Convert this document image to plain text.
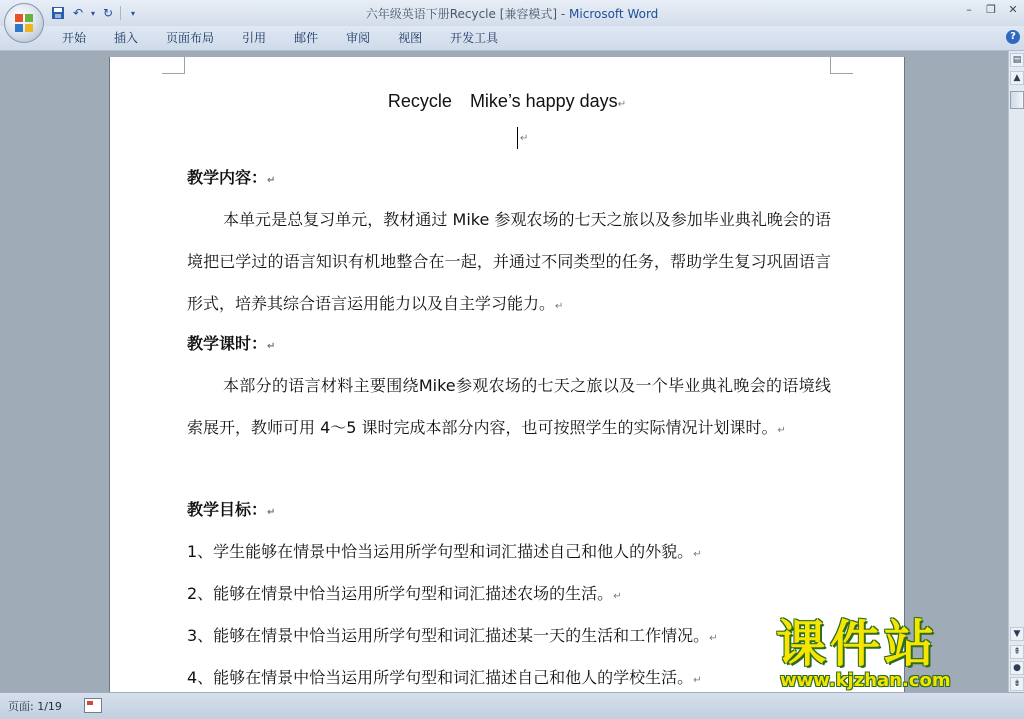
↶ ▾ ↻	▾	六年级英语下册Recycle [兼容模式] - Microsoft Word	–	❐	✕
开始	插入	页面布局	引用	邮件	审阅	视图	开发工具	?
Recycle　Mike’s happy days↵
↵
教学内容：↵
本单元是总复习单元，教材通过 Mike 参观农场的七天之旅以及参加毕业典礼晚会的语境把已学过的语言知识有机地整合在一起，并通过不同类型的任务，帮助学生复习巩固语言形式，培养其综合语言运用能力以及自主学习能力。↵
教学课时：↵
本部分的语言材料主要围绕Mike参观农场的七天之旅以及一个毕业典礼晚会的语境线索展开，教师可用 4～5 课时完成本部分内容，也可按照学生的实际情况计划课时。↵
教学目标：↵
1、学生能够在情景中恰当运用所学句型和词汇描述自己和他人的外貌。↵
2、能够在情景中恰当运用所学句型和词汇描述农场的生活。↵
3、能够在情景中恰当运用所学句型和词汇描述某一天的生活和工作情况。↵
4、能够在情景中恰当运用所学句型和词汇描述自己和他人的学校生活。↵
▤
▲
▼
⇞
●
⇟
页面: 1/19
课件站
www.kjzhan.com
